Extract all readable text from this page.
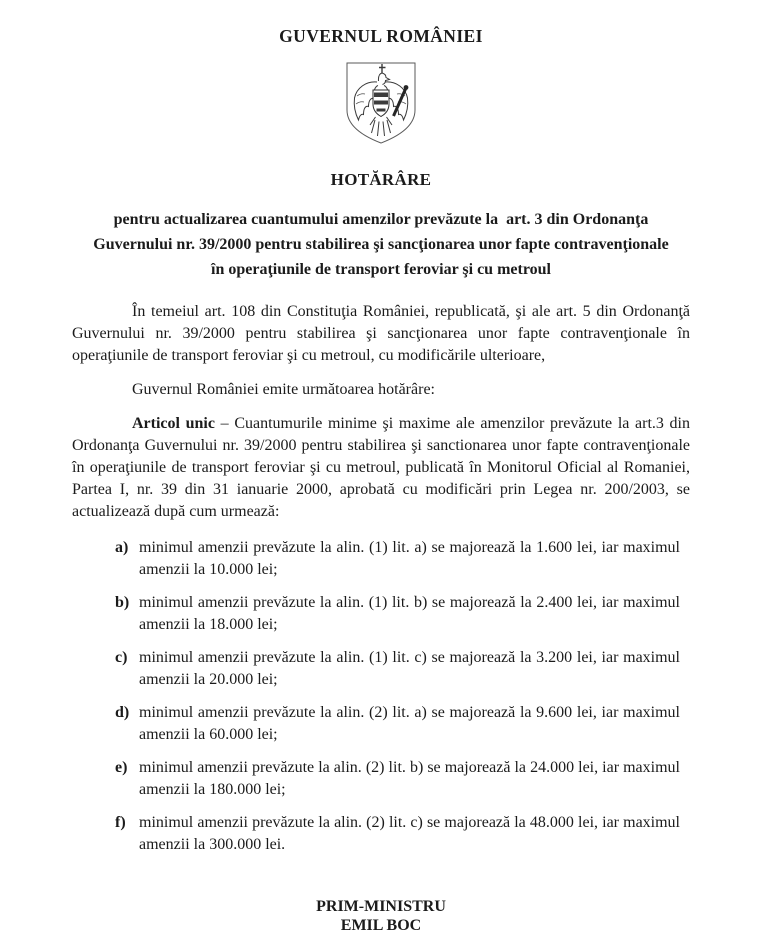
GUVERNUL ROMÂNIEI
HOTĂRÂRE
pentru actualizarea cuantumului amenzilor prevăzute la  art. 3 din Ordonanţa Guvernului nr. 39/2000 pentru stabilirea şi sancţionarea unor fapte contravenţionale în operaţiunile de transport feroviar şi cu metroul

În temeiul art. 108 din Constituţia României, republicată, şi ale art. 5 din Ordonanţă Guvernului nr. 39/2000 pentru stabilirea şi sancţionarea unor fapte contravenţionale în operaţiunile de transport feroviar şi cu metroul, cu modificările ulterioare,

Guvernul României emite următoarea hotărâre:

Articol unic – Cuantumurile minime şi maxime ale amenzilor prevăzute la art.3 din Ordonanţa Guvernului nr. 39/2000 pentru stabilirea şi sanctionarea unor fapte contravenţionale în operaţiunile de transport feroviar şi cu metroul, publicată în Monitorul Oficial al Romaniei, Partea I, nr. 39 din 31 ianuarie 2000, aprobată cu modificări prin Legea nr. 200/2003, se actualizează după cum urmează:

a) minimul amenzii prevăzute la alin. (1) lit. a) se majorează la 1.600 lei, iar maximul amenzii la 10.000 lei;
b) minimul amenzii prevăzute la alin. (1) lit. b) se majorează la 2.400 lei, iar maximul amenzii la 18.000 lei;
c) minimul amenzii prevăzute la alin. (1) lit. c) se majorează la 3.200 lei, iar maximul amenzii la 20.000 lei;
d) minimul amenzii prevăzute la alin. (2) lit. a) se majorează la 9.600 lei, iar maximul amenzii la 60.000 lei;
e) minimul amenzii prevăzute la alin. (2) lit. b) se majorează la 24.000 lei, iar maximul amenzii la 180.000 lei;
f) minimul amenzii prevăzute la alin. (2) lit. c) se majorează la 48.000 lei, iar maximul amenzii la 300.000 lei.
PRIM-MINISTRU
EMIL BOC
